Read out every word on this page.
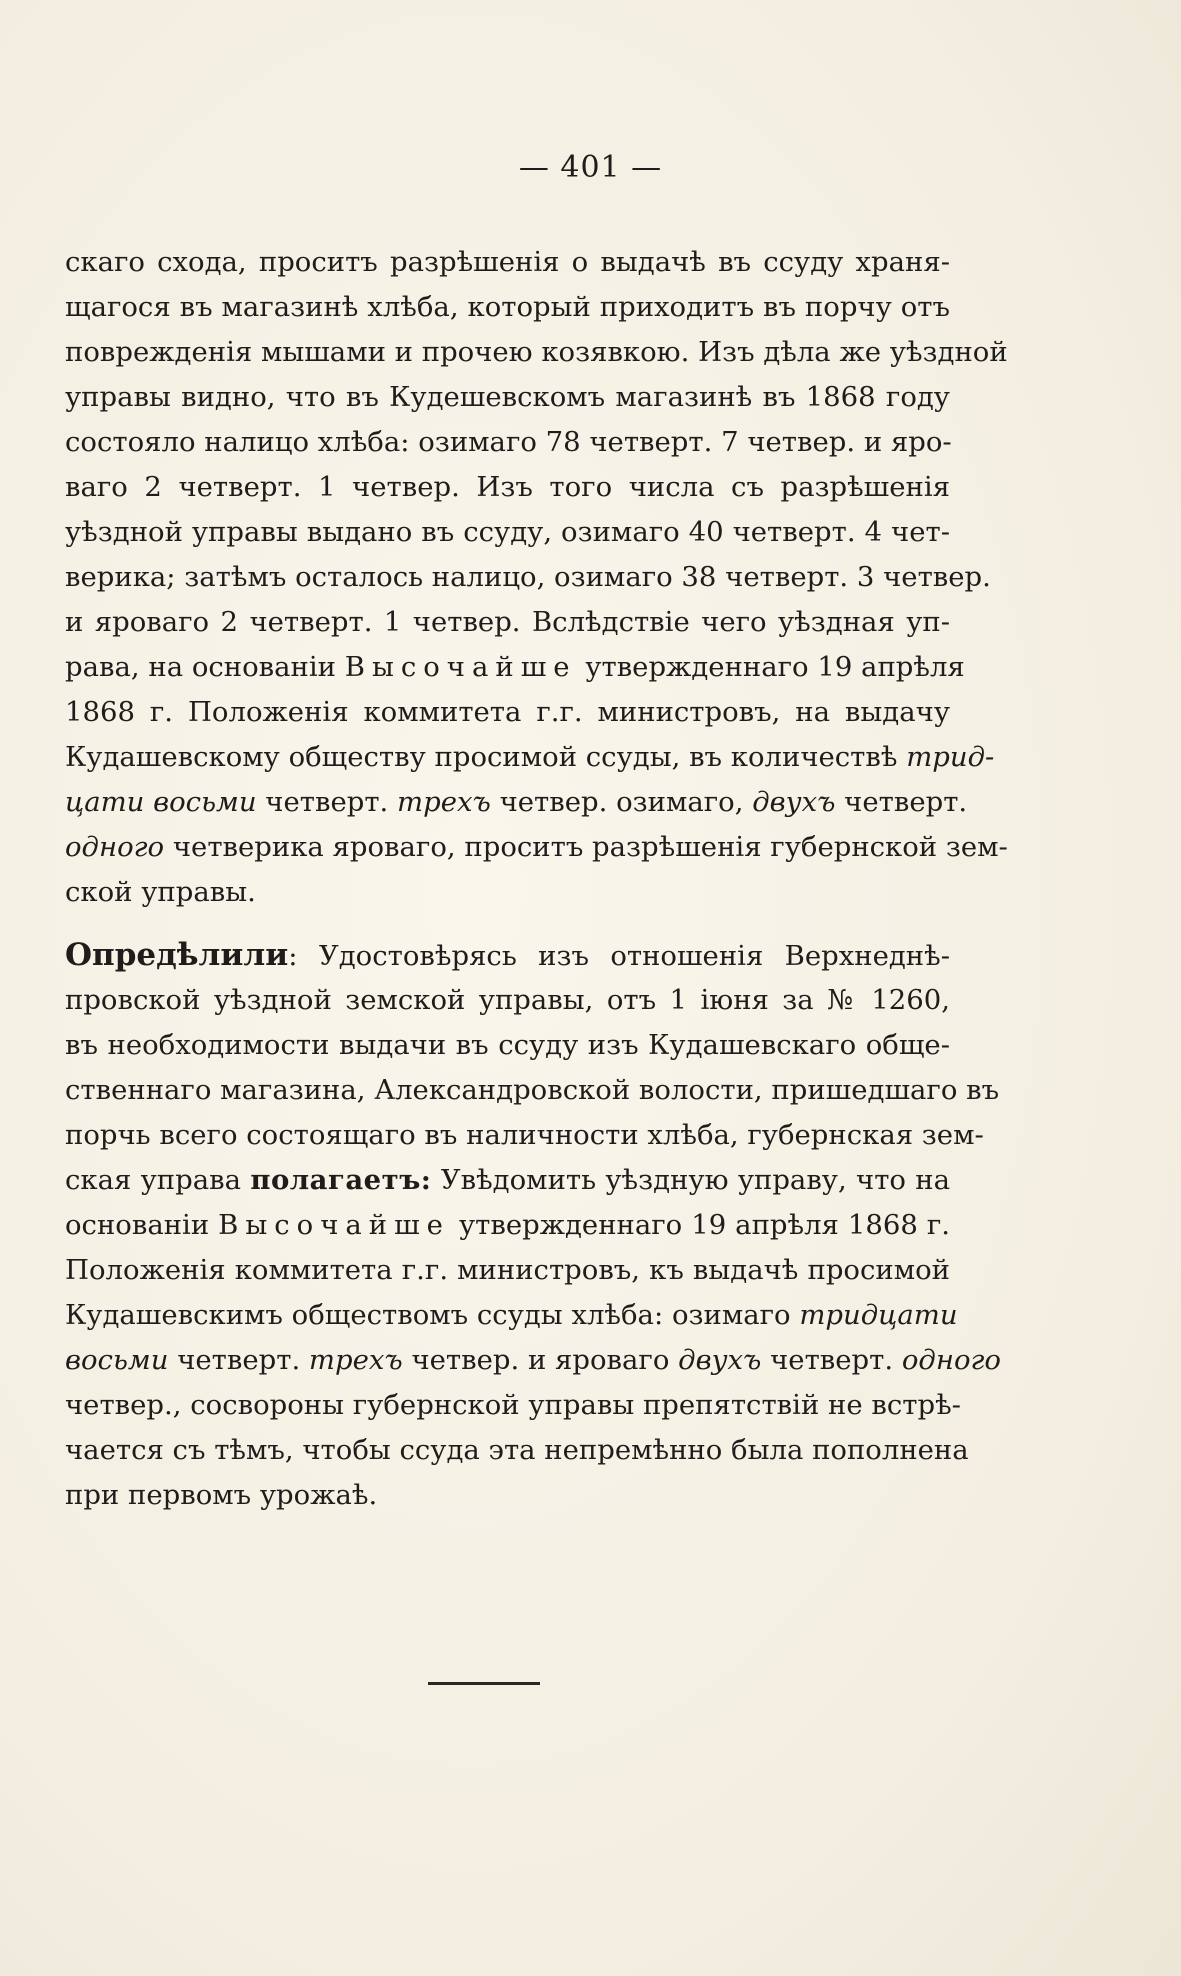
— 401 —
скаго схода, проситъ разрѣшенія о выдачѣ въ ссуду храня-
щагося въ магазинѣ хлѣба, который приходитъ въ порчу отъ
поврежденія мышами и прочею козявкою. Изъ дѣла же уѣздной
управы видно, что въ Кудешевскомъ магазинѣ въ 1868 году
состояло налицо хлѣба: озимаго 78 четверт. 7 четвер. и яро-
ваго 2 четверт. 1 четвер. Изъ того числа съ разрѣшенія
уѣздной управы выдано въ ссуду, озимаго 40 четверт. 4 чет-
верика; затѣмъ осталось налицо, озимаго 38 четверт. 3 четвер.
и яроваго 2 четверт. 1 четвер. Вслѣдствіе чего уѣздная уп-
рава, на основаніи Высочайше утвержденнаго 19 апрѣля
1868 г. Положенія коммитета г.г. министровъ, на выдачу
Кудашевскому обществу просимой ссуды, въ количествѣ трид-
цати восьми четверт. трехъ четвер. озимаго, двухъ четверт.
одного четверика яроваго, проситъ разрѣшенія губернской зем-
ской управы.
Опредѣлили: Удостовѣрясь изъ отношенія Верхнеднѣ-
провской уѣздной земской управы, отъ 1 іюня за № 1260,
въ необходимости выдачи въ ссуду изъ Кудашевскаго обще-
ственнаго магазина, Александровской волости, пришедшаго въ
порчь всего состоящаго въ наличности хлѣба, губернская зем-
ская управа полагаетъ: Увѣдомить уѣздную управу, что на
основаніи Высочайше утвержденнаго 19 апрѣля 1868 г.
Положенія коммитета г.г. министровъ, къ выдачѣ просимой
Кудашевскимъ обществомъ ссуды хлѣба: озимаго тридцати
восьми четверт. трехъ четвер. и яроваго двухъ четверт. одного
четвер., сосвороны губернской управы препятствій не встрѣ-
чается съ тѣмъ, чтобы ссуда эта непремѣнно была пополнена
при первомъ урожаѣ.
